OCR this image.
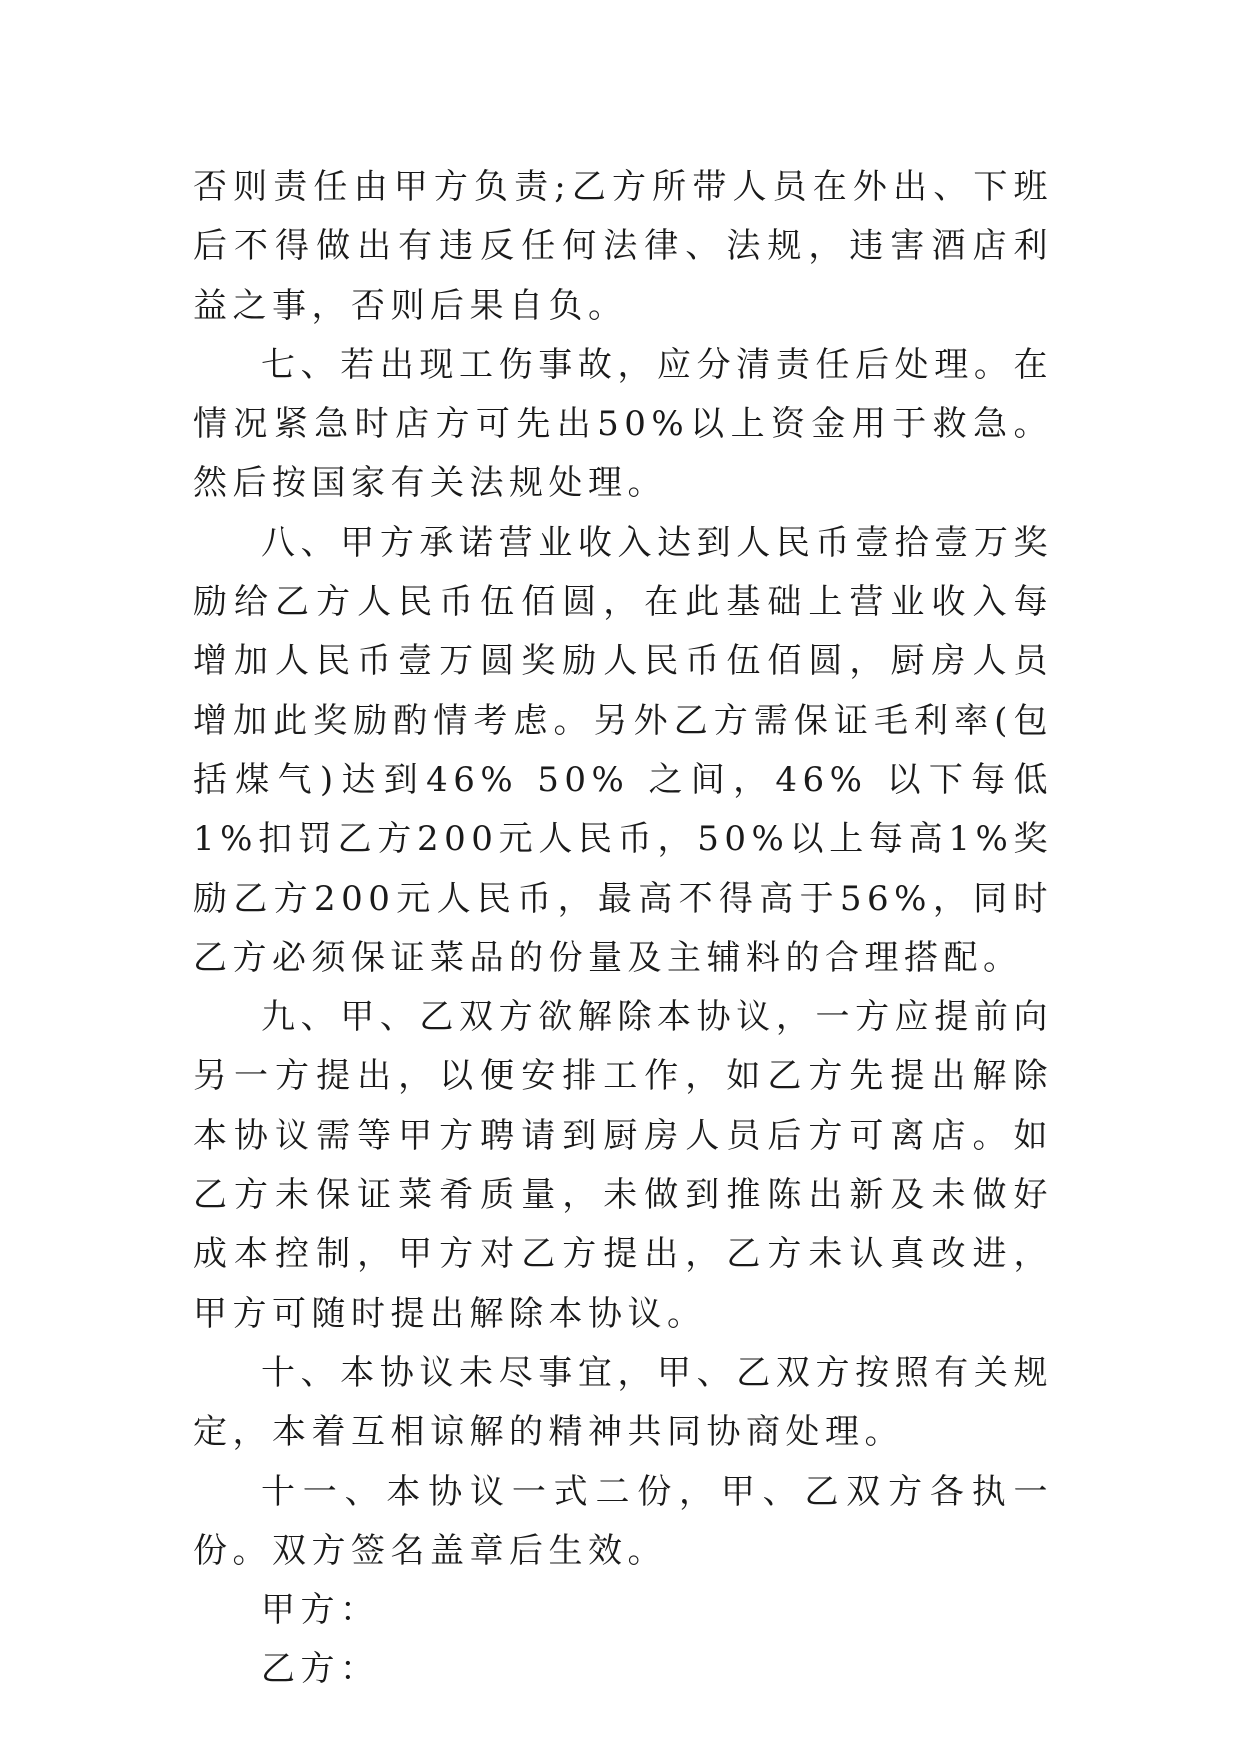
否则责任由甲方负责;乙方所带人员在外出、下班后不得做出有违反任何法律、法规，违害酒店利益之事，否则后果自负。

七、若出现工伤事故，应分清责任后处理。在情况紧急时店方可先出50%以上资金用于救急。然后按国家有关法规处理。

八、甲方承诺营业收入达到人民币壹拾壹万奖励给乙方人民币伍佰圆，在此基础上营业收入每增加人民币壹万圆奖励人民币伍佰圆，厨房人员增加此奖励酌情考虑。另外乙方需保证毛利率(包括煤气)达到46% 50% 之间，46% 以下每低1%扣罚乙方200元人民币，50%以上每高1%奖励乙方200元人民币，最高不得高于56%，同时乙方必须保证菜品的份量及主辅料的合理搭配。

九、甲、乙双方欲解除本协议，一方应提前向另一方提出，以便安排工作，如乙方先提出解除本协议需等甲方聘请到厨房人员后方可离店。如乙方未保证菜肴质量，未做到推陈出新及未做好成本控制，甲方对乙方提出，乙方未认真改进，甲方可随时提出解除本协议。

十、本协议未尽事宜，甲、乙双方按照有关规定，本着互相谅解的精神共同协商处理。

十一、本协议一式二份，甲、乙双方各执一份。双方签名盖章后生效。

甲方：

乙方：
